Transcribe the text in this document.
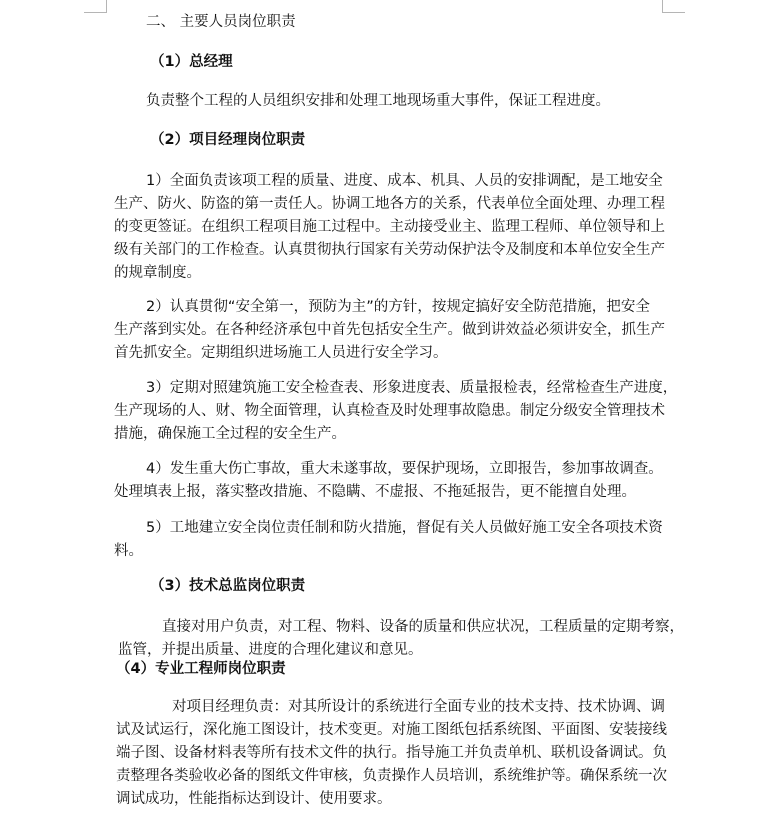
二、 主要人员岗位职责
（1）总经理
负责整个工程的人员组织安排和处理工地现场重大事件，保证工程进度。
（2）项目经理岗位职责
1 ） 全 面 负 责 该 项 工 程 的 质 量 、 进 度 、 成 本 、 机 具 、 人 员 的 安 排 调 配 ， 是 工 地 安 全
生 产 、 防 火 、 防 盗 的 第 一 责 任 人 。 协 调 工 地 各 方 的 关 系 ， 代 表 单 位 全 面 处 理 、 办 理 工 程
的 变 更 签 证 。 在 组 织 工 程 项 目 施 工 过 程 中 。 主 动 接 受 业 主 、 监 理 工 程 师 、 单 位 领 导 和 上
级 有 关 部 门 的 工 作 检 查 。 认 真 贯 彻 执 行 国 家 有 关 劳 动 保 护 法 令 及 制 度 和 本 单 位 安 全 生 产
的规章制度。
2 ） 认 真 贯 彻 “ 安 全 第 一 ， 预 防 为 主 ” 的 方 针 ， 按 规 定 搞 好 安 全 防 范 措 施 ， 把 安 全
生 产 落 到 实 处 。 在 各 种 经 济 承 包 中 首 先 包 括 安 全 生 产 。 做 到 讲 效 益 必 须 讲 安 全 ， 抓 生 产
首先抓安全。定期组织进场施工人员进行安全学习。
3 ） 定 期 对 照 建 筑 施 工 安 全 检 查 表 、 形 象 进 度 表 、 质 量 报 检 表 ， 经 常 检 查 生 产 进 度 ，
生 产 现 场 的 人 、 财 、 物 全 面 管 理 ， 认 真 检 查 及 时 处 理 事 故 隐 患 。 制 定 分 级 安 全 管 理 技 术
措施，确保施工全过程的安全生产。
4）发生重大伤亡事故，重大未遂事故，要保护现场，立即报告，参加事故调查。
处理填表上报，落实整改措施、不隐瞒、不虚报、不拖延报告，更不能擅自处理。
5 ） 工 地 建 立 安 全 岗 位 责 任 制 和 防 火 措 施 ， 督 促 有 关 人 员 做 好 施 工 安 全 各 项 技 术 资
料。
（3）技术总监岗位职责
直 接 对 用 户 负 责 ， 对 工 程 、 物 料 、 设 备 的 质 量 和 供 应 状 况 ， 工 程 质 量 的 定 期 考 察 ，
监管，并提出质量、进度的合理化建议和意见。
（4）专业工程师岗位职责
对 项 目 经 理 负 责 ： 对 其 所 设 计 的 系 统 进 行 全 面 专 业 的 技 术 支 持 、 技 术 协 调 、 调
试 及 试 运 行 ， 深 化 施 工 图 设 计 ， 技 术 变 更 。 对 施 工 图 纸 包 括 系 统 图 、 平 面 图 、 安 装 接 线
端 子 图 、 设 备 材 料 表 等 所 有 技 术 文 件 的 执 行 。 指 导 施 工 并 负 责 单 机 、 联 机 设 备 调 试 。 负
责 整 理 各 类 验 收 必 备 的 图 纸 文 件 审 核 ， 负 责 操 作 人 员 培 训 ， 系 统 维 护 等 。 确 保 系 统 一 次
调试成功，性能指标达到设计、使用要求。
